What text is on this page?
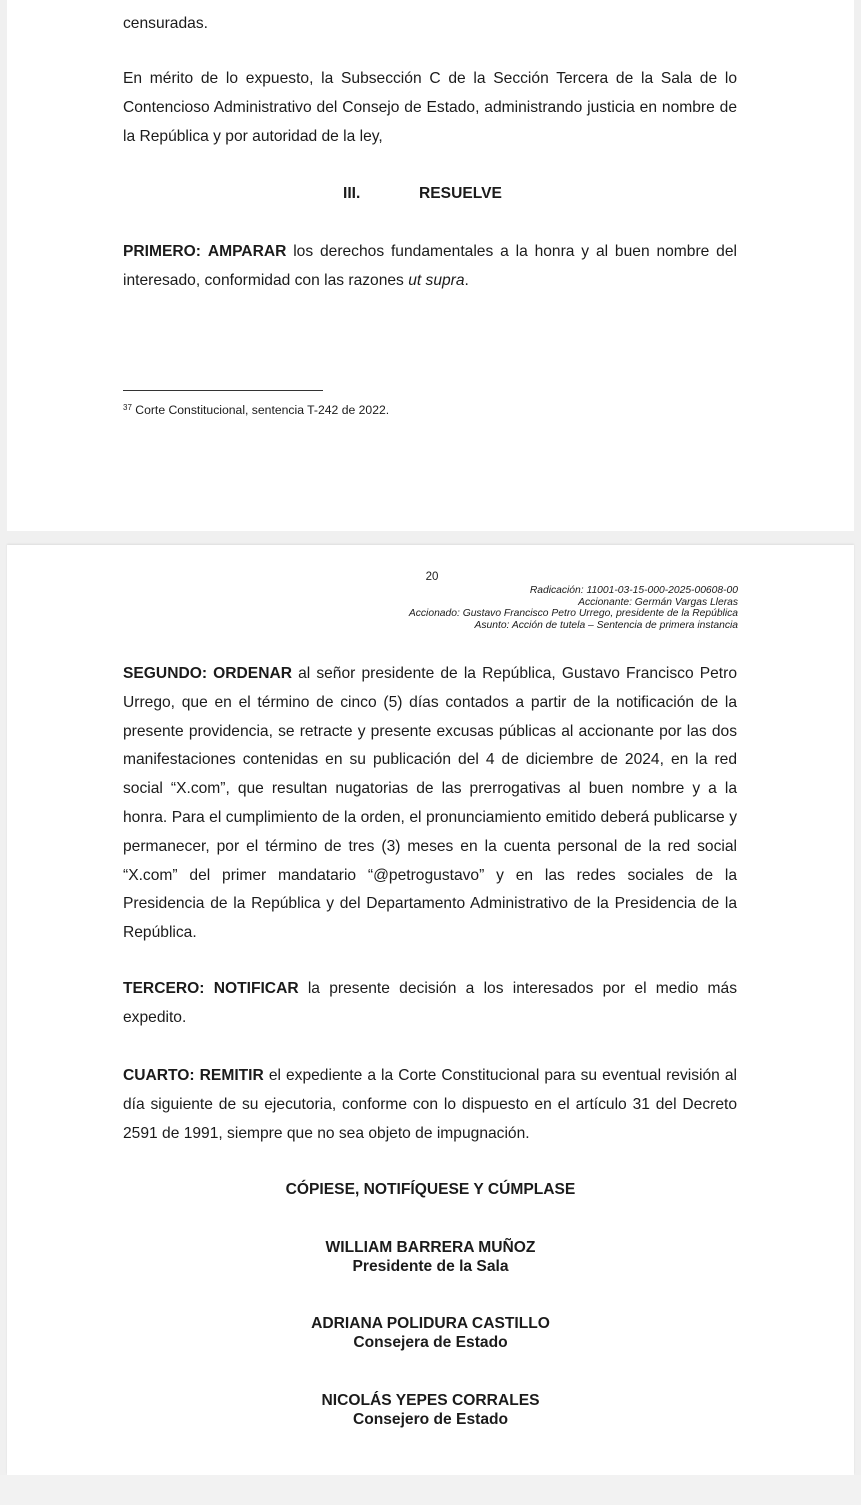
censuradas.

En mérito de lo expuesto, la Subsección C de la Sección Tercera de la Sala de lo Contencioso Administrativo del Consejo de Estado, administrando justicia en nombre de la República y por autoridad de la ley,

III.	RESUELVE

PRIMERO: AMPARAR los derechos fundamentales a la honra y al buen nombre del interesado, conformidad con las razones ut supra.

$^{37}$ Corte Constitucional, sentencia T-242 de 2022.

20
Radicación: 11001-03-15-000-2025-00608-00
Accionante: Germán Vargas Lleras
Accionado: Gustavo Francisco Petro Urrego, presidente de la República
Asunto: Acción de tutela – Sentencia de primera instancia

SEGUNDO: ORDENAR al señor presidente de la República, Gustavo Francisco Petro Urrego, que en el término de cinco (5) días contados a partir de la notificación de la presente providencia, se retracte y presente excusas públicas al accionante por las dos manifestaciones contenidas en su publicación del 4 de diciembre de 2024, en la red social “X.com”, que resultan nugatorias de las prerrogativas al buen nombre y a la honra. Para el cumplimiento de la orden, el pronunciamiento emitido deberá publicarse y permanecer, por el término de tres (3) meses en la cuenta personal de la red social “X.com” del primer mandatario “@petrogustavo” y en las redes sociales de la Presidencia de la República y del Departamento Administrativo de la Presidencia de la República.

TERCERO: NOTIFICAR la presente decisión a los interesados por el medio más expedito.

CUARTO: REMITIR el expediente a la Corte Constitucional para su eventual revisión al día siguiente de su ejecutoria, conforme con lo dispuesto en el artículo 31 del Decreto 2591 de 1991, siempre que no sea objeto de impugnación.

CÓPIESE, NOTIFÍQUESE Y CÚMPLASE
WILLIAM BARRERA MUÑOZ
Presidente de la Sala
ADRIANA POLIDURA CASTILLO
Consejera de Estado
NICOLÁS YEPES CORRALES
Consejero de Estado
